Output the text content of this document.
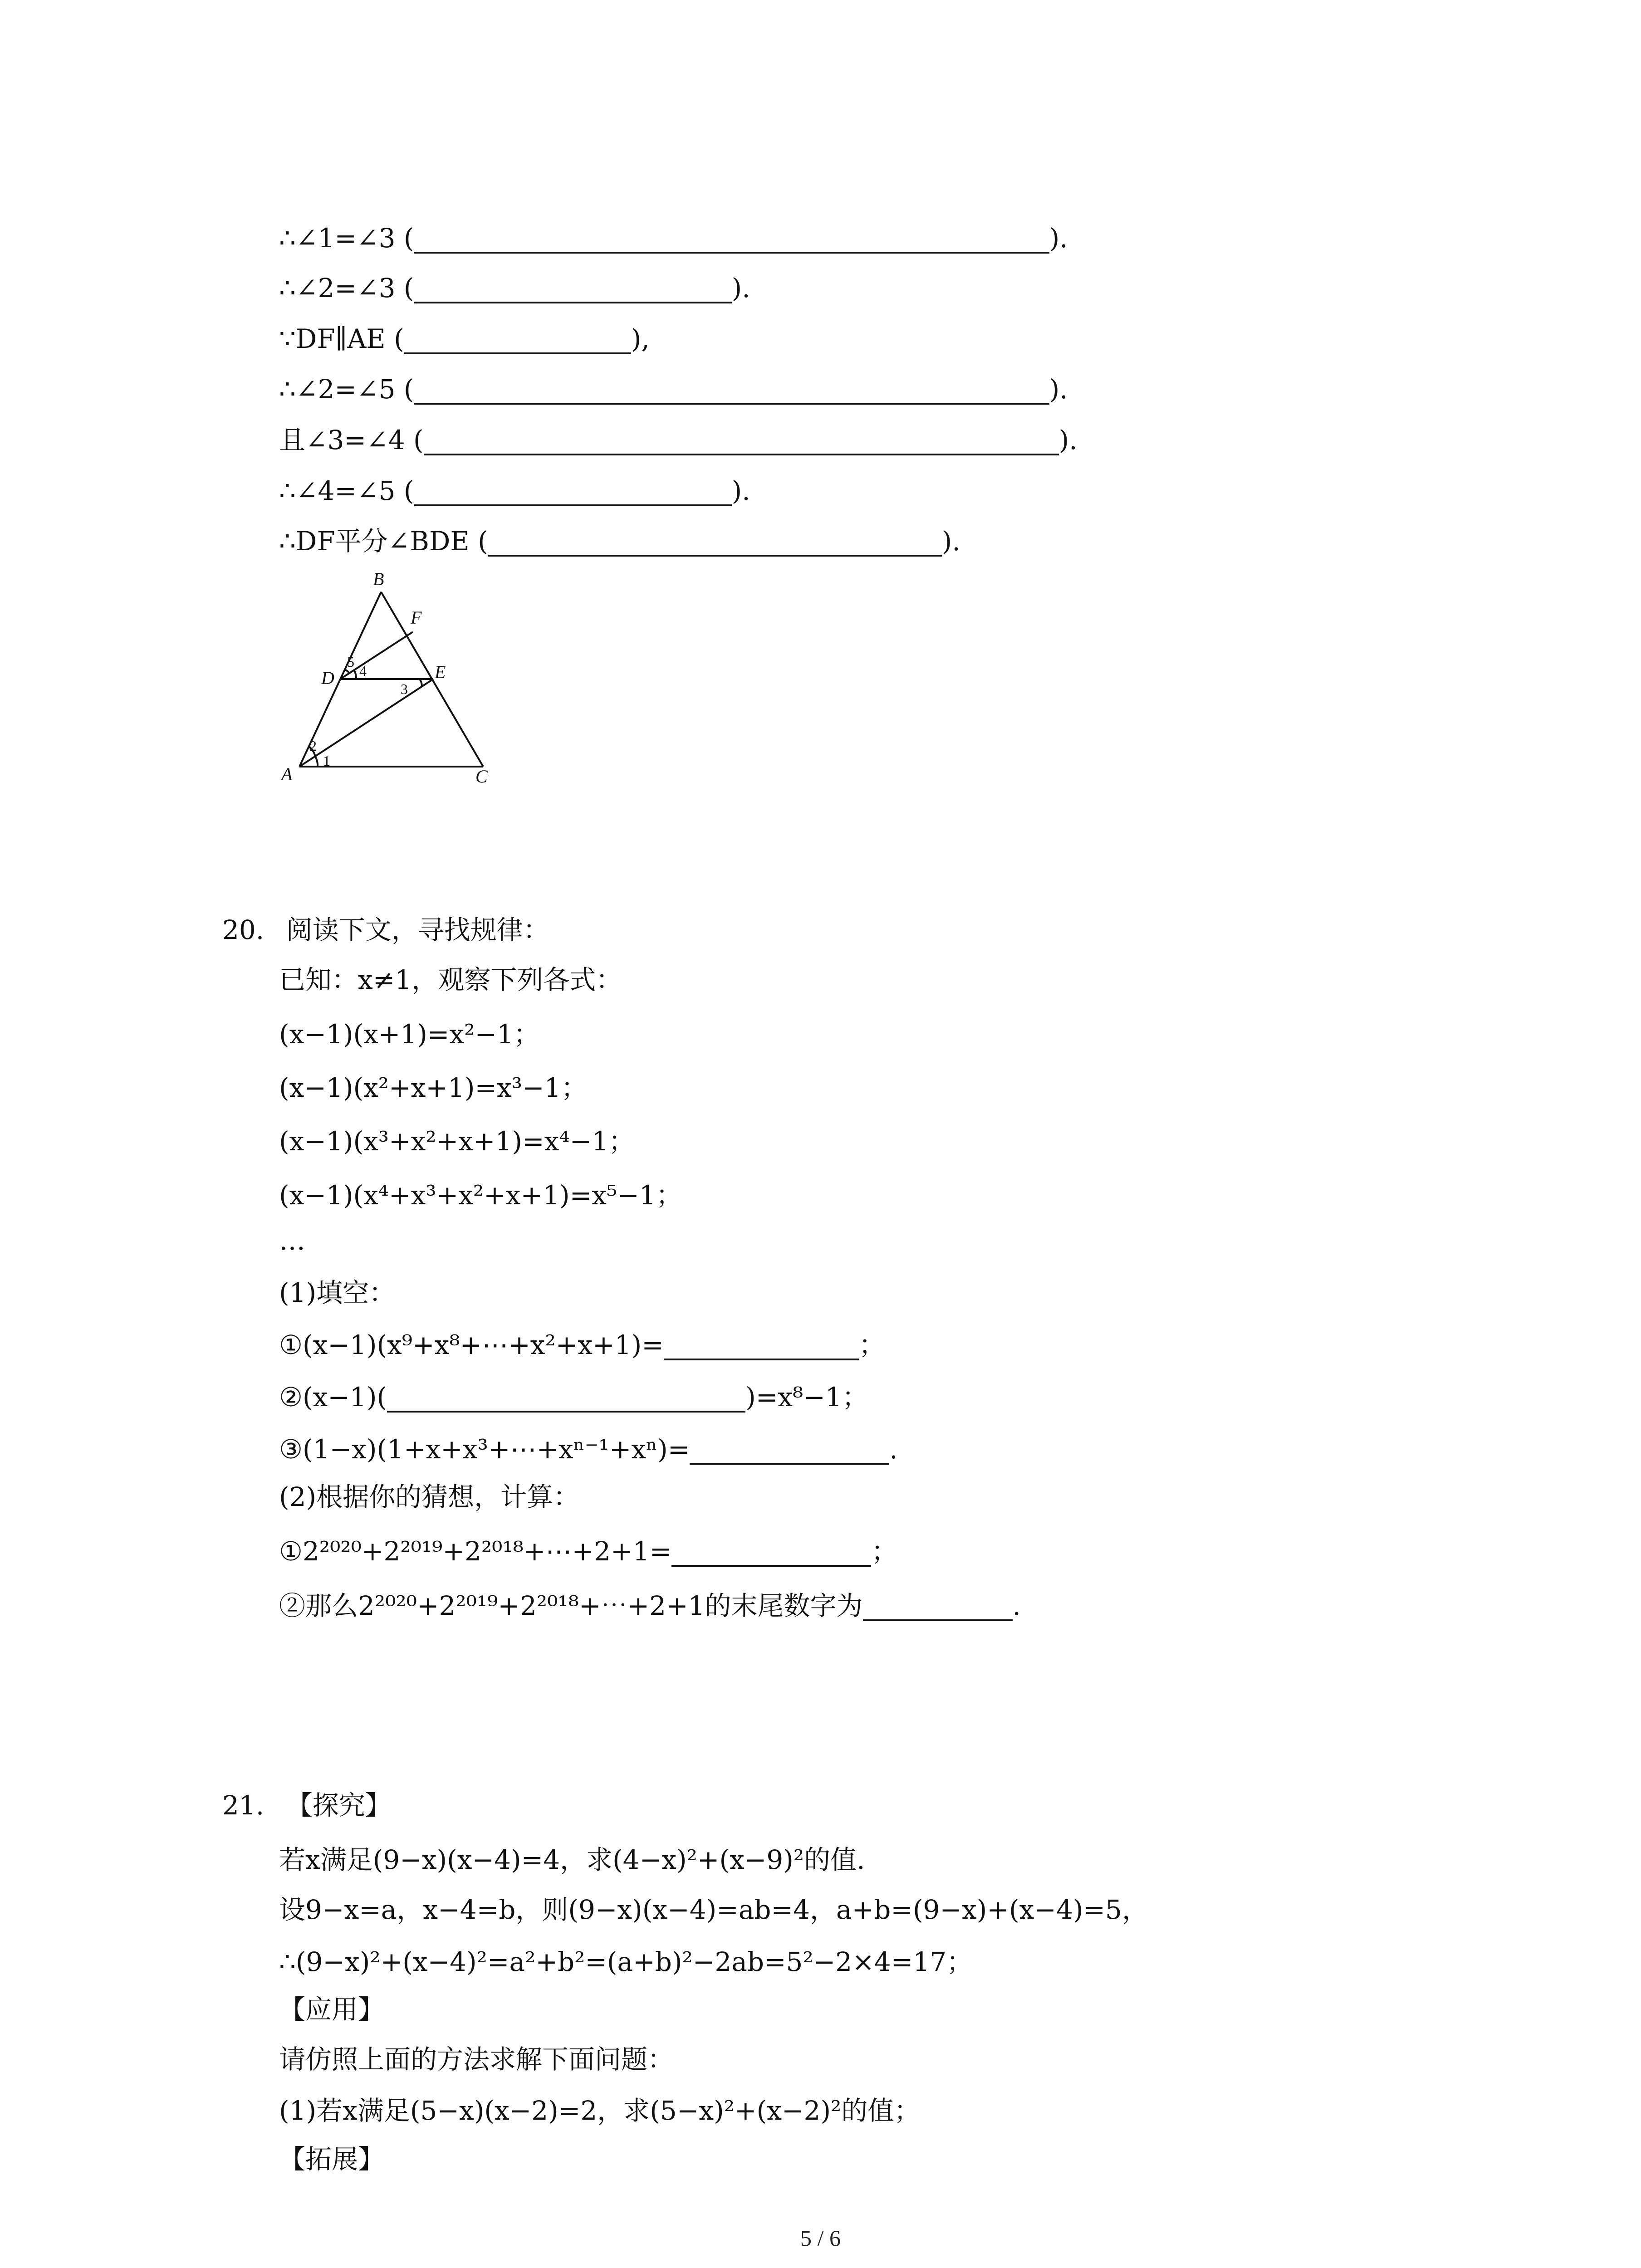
∴∠1=∠3 (	).
∴∠2=∠3 (	).
∵DF∥AE (	),
∴∠2=∠5 (	).
且∠3=∠4 (	).
∴∠4=∠5 (	).
∴DF平分∠BDE (	).
B
F
D	E
A	C
5
4
3
2
1
20. 阅读下文，寻找规律：
已知：x≠1，观察下列各式：
(x−1)(x+1)=x²−1；
(x−1)(x²+x+1)=x³−1；
(x−1)(x³+x²+x+1)=x⁴−1；
(x−1)(x⁴+x³+x²+x+1)=x⁵−1；
…
(1)填空：
①(x−1)(x⁹+x⁸+⋯+x²+x+1)=	；
②(x−1)(	)=x⁸−1；
③(1−x)(1+x+x³+⋯+xⁿ⁻¹+xⁿ)=	.
(2)根据你的猜想，计算：
①2²⁰²⁰+2²⁰¹⁹+2²⁰¹⁸+⋯+2+1=	；
②那么2²⁰²⁰+2²⁰¹⁹+2²⁰¹⁸+⋯+2+1的末尾数字为	.
21. 【探究】
若x满足(9−x)(x−4)=4，求(4−x)²+(x−9)²的值.
设9−x=a，x−4=b，则(9−x)(x−4)=ab=4，a+b=(9−x)+(x−4)=5，
∴(9−x)²+(x−4)²=a²+b²=(a+b)²−2ab=5²−2×4=17；
【应用】
请仿照上面的方法求解下面问题：
(1)若x满足(5−x)(x−2)=2，求(5−x)²+(x−2)²的值；
【拓展】
5 / 6
